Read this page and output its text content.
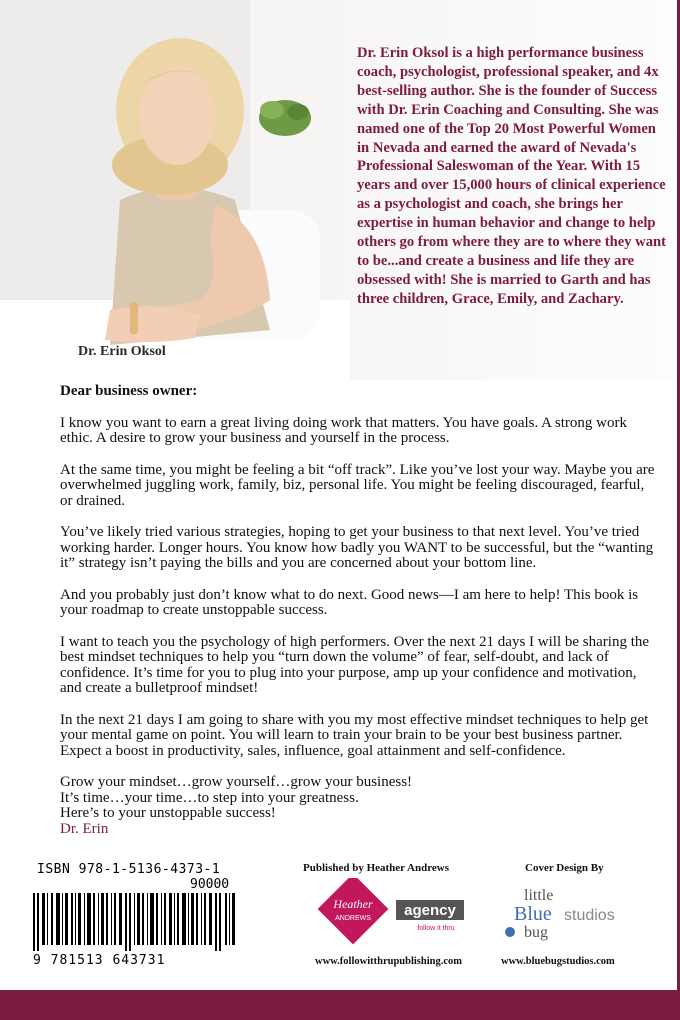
Dr. Erin Oksol

Dr. Erin Oksol is a high performance business coach, psychologist, professional speaker, and 4x best-selling author. She is the founder of Success with Dr. Erin Coaching and Consulting. She was named one of the Top 20 Most Powerful Women in Nevada and earned the award of Nevada's Professional Saleswoman of the Year. With 15 years and over 15,000 hours of clinical experience as a psychologist and coach, she brings her expertise in human behavior and change to help others go from where they are to where they want to be...and create a business and life they are obsessed with! She is married to Garth and has three children, Grace, Emily, and Zachary.

Dear business owner:

I know you want to earn a great living doing work that matters. You have goals. A strong work ethic. A desire to grow your business and yourself in the process.

At the same time, you might be feeling a bit “off track”. Like you’ve lost your way. Maybe you are overwhelmed juggling work, family, biz, personal life. You might be feeling discouraged, fearful, or drained.

You’ve likely tried various strategies, hoping to get your business to that next level. You’ve tried working harder. Longer hours. You know how badly you WANT to be successful, but the “wanting it” strategy isn’t paying the bills and you are concerned about your bottom line.

And you probably just don’t know what to do next. Good news—I am here to help! This book is your roadmap to create unstoppable success.

I want to teach you the psychology of high performers. Over the next 21 days I will be sharing the best mindset techniques to help you “turn down the volume” of fear, self-doubt, and lack of confidence. It’s time for you to plug into your purpose, amp up your confidence and motivation, and create a bulletproof mindset!

In the next 21 days I am going to share with you my most effective mindset techniques to help get your mental game on point. You will learn to train your brain to be your best business partner. Expect a boost in productivity, sales, influence, goal attainment and self-confidence.

Grow your mindset…grow yourself…grow your business!
It’s time…your time…to step into your greatness.
Here’s to your unstoppable success!
Dr. Erin
ISBN 978-1-5136-4373-1
90000
9 781513 643731
Published by Heather Andrews
Heather
ANDREWS agency
follow it thru
www.followitthrupublishing.com
Cover Design By
little
Blue
bug
studios
www.bluebugstudios.com
